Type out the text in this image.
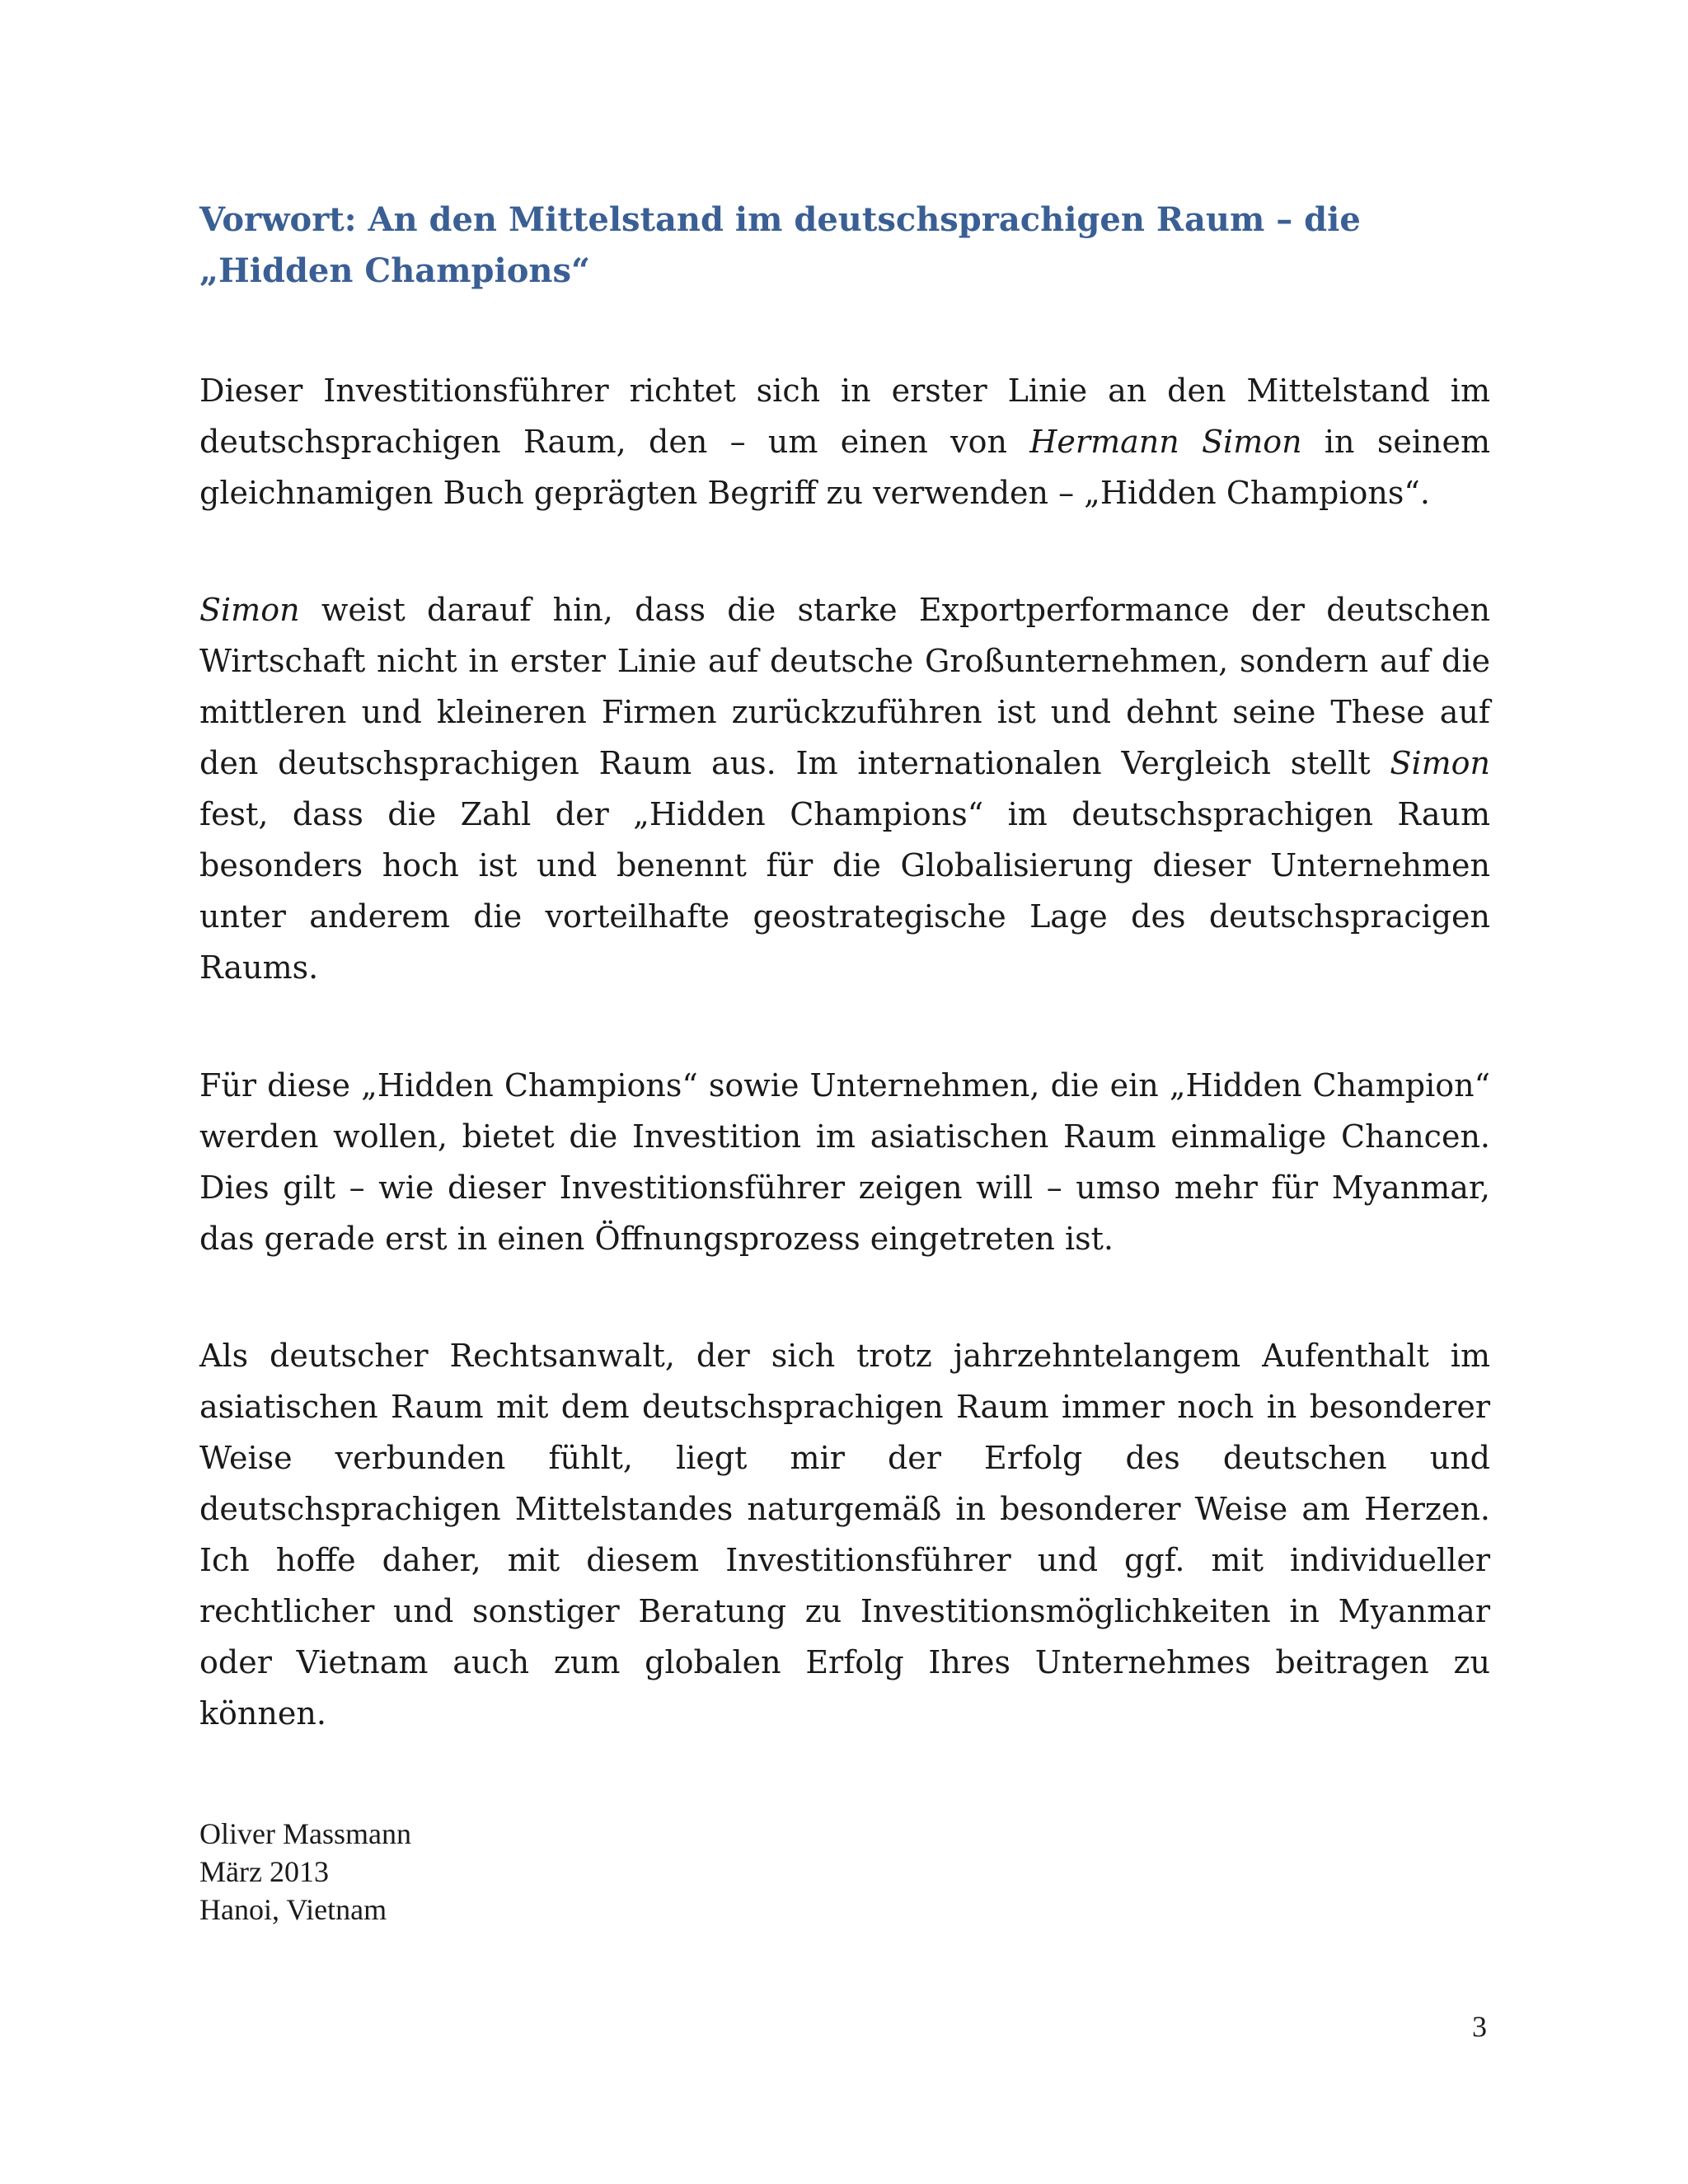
Vorwort: An den Mittelstand im deutschsprachigen Raum – die „Hidden Champions“

Dieser Investitionsführer richtet sich in erster Linie an den Mittelstand im deutschsprachigen Raum, den – um einen von Hermann Simon in seinem gleichnamigen Buch geprägten Begriff zu verwenden – „Hidden Champions“.

Simon weist darauf hin, dass die starke Exportperformance der deutschen Wirtschaft nicht in erster Linie auf deutsche Großunternehmen, sondern auf die mittleren und kleineren Firmen zurückzuführen ist und dehnt seine These auf den deutschsprachigen Raum aus. Im internationalen Vergleich stellt Simon fest, dass die Zahl der „Hidden Champions“ im deutschsprachigen Raum besonders hoch ist und benennt für die Globalisierung dieser Unternehmen unter anderem die vorteilhafte geostrategische Lage des deutschspracigen Raums.

Für diese „Hidden Champions“ sowie Unternehmen, die ein „Hidden Champion“ werden wollen, bietet die Investition im asiatischen Raum einmalige Chancen. Dies gilt – wie dieser Investitionsführer zeigen will – umso mehr für Myanmar, das gerade erst in einen Öffnungsprozess eingetreten ist.

Als deutscher Rechtsanwalt, der sich trotz jahrzehntelangem Aufenthalt im asiatischen Raum mit dem deutschsprachigen Raum immer noch in besonderer Weise verbunden fühlt, liegt mir der Erfolg des deutschen und deutschsprachigen Mittelstandes naturgemäß in besonderer Weise am Herzen. Ich hoffe daher, mit diesem Investitionsführer und ggf. mit individueller rechtlicher und sonstiger Beratung zu Investitionsmöglichkeiten in Myanmar oder Vietnam auch zum globalen Erfolg Ihres Unternehmes beitragen zu können.

Oliver Massmann
März 2013
Hanoi, Vietnam
3
